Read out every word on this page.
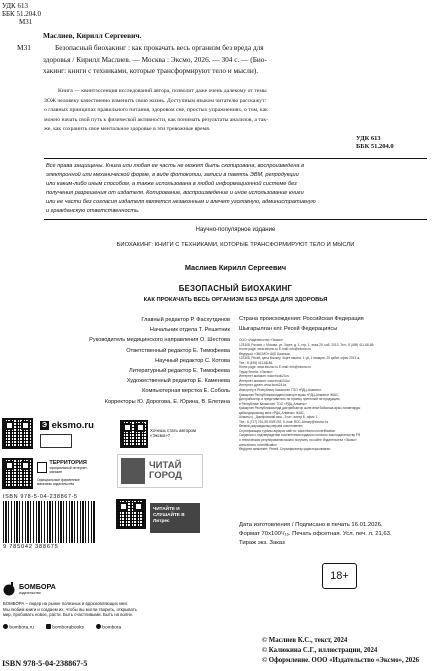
УДК 613
ББК 51.204.0
М31
Маслиев, Кирилл Сергеевич.
М31	Безопасный биохакинг : как прокачать весь организм без вреда для
здоровья / Кирилл Маслиев. — Москва : Эксмо, 2026. — 304 с. — (Био-
хакинг: книги с техниками, которые трансформируют тело и мысли).
Книга — квинтэссенция исследований автора, позволит даже очень далекому от темы
ЗОЖ человеку качественно изменить свою жизнь. Доступным языком читателю расскажут:
о главных принципах правильного питания, здоровом сне, простых упражнениях, о том, как
можно начать свой путь к физической активности, как понимать результаты анализов, а так-
же, как сохранить свое ментальное здоровье в эти тревожные время.
УДК 613
ББК 51.204.0
Все права защищены. Книга или любая ее часть не может быть скопирована, воспроизведена в
электронной или механической форме, в виде фотокопии, записи в память ЭВМ, репродукции
или каким-либо иным способом, а также использована в любой информационной системе без
получения разрешения от издателя. Копирование, воспроизведение и иное использование книги
или ее части без согласия издателя является незаконным и влечет уголовную, административную
и гражданскую ответственность.
Научно-популярное издание
БИОХАКИНГ: КНИГИ С ТЕХНИКАМИ, КОТОРЫЕ ТРАНСФОРМИРУЮТ ТЕЛО И МЫСЛИ
Маслиев Кирилл Сергеевич
БЕЗОПАСНЫЙ БИОХАКИНГ
КАК ПРОКАЧАТЬ ВЕСЬ ОРГАНИЗМ БЕЗ ВРЕДА ДЛЯ ЗДОРОВЬЯ
Главный редактор Р. Фасхутдинов
Начальник отдела Т. Решетник
Руководитель медицинского направления О. Шестова
Ответственный редактор Е. Тимофеева
Научный редактор С. Котова
Литературный редактор Е. Тимофеева
Художественный редактор Е. Каменева
Компьютерная верстка Е. Соболь
Корректоры Ю. Дорогова, Е. Юрина, В. Елетина
Страна происхождения: Российская Федерация
Шығарылған елі: Ресей Федерациясы
ООО «Издательство «Эксмо»
123308, Россия, г. Москва, ул. Зорге, д. 1, стр. 1, этаж 20, каб. 2013. Тел.: 8 (495) 411-68-86.
Home page: www.eksmo.ru E-mail: info@eksmo.ru
Өндіруші: «ЭКСМО» АҚБ Баспасы,
123308, Ресей, қала Мәскеу, Зорге көшесі, 1 үй, 1 ғимарат, 20 қабат, офис 2013 ж.
Тел.: 8 (495) 411-68-86.
Home page: www.eksmo.ru E-mail: info@eksmo.ru
Тауар белгісі: «Эксмо»
Интернет-магазин: www.book24.ru
Интернет-магазин: www.book24.kz
Интернет-дүкен: www.book24.kz
Импортёр в Республику Казахстан ТОО «РДЦ-Алматы».
Қазақстан Республикасындағы импорттаушы «РДЦ-Алматы» ЖШС.
Дистрибьютор и представитель по приему претензий на продукцию,
в Республике Казахстан: ТОО «РДЦ-Алматы»
Қазақстан Республикасында дистрибьютор және өнім бойынша арыз-талаптарды
қабылдаушының өкілі «РДЦ-Алматы» ЖШС,
Алматы қ., Домбровский көш., 3«а», литер Б, офис 1.
Тел.: 8 (727) 251-59-90/91/92; E-mail: RDC-Almaty@eksmo.kz
Өнімнің жарамдылық мерзімі шектелмеген.
Сертификация туралы ақпарат сайтта: www.eksmo.ru/certification
Сведения о подтверждении соответствия издания согласно законодательству РФ
о техническом регулировании можно получить на сайте Издательства «Эксмо»
www.eksmo.ru/certification
Өндірген мемлекет: Ресей. Сертификаттау қарастырылмаған
Э eksmo.ru	Хочешь стать автором «Эксмо»?
ТЕРРИТОРИЯ
официальный интернет-магазин
Официальные фирменные магазины издательства
ЧИТАЙ ГОРОД
ISBN 978-5-04-238867-5
9 785042 388675
ЧИТАЙТЕ И СЛУШАЙТЕ В Литрес
Дата изготовления / Подписано в печать 16.01.2026.
Формат 70x100¹/₁₆. Печать офсетная. Усл. печ. л. 21,63.
Тираж экз. Заказ
18+
БОМБОРА
издательство
БОМБОРА – лидер на рынке полезных и вдохновляющих книг.
Мы любим книги и создаем их, чтобы вы могли творить, открывать
мир, пробовать новое, расти. Быть счастливыми. Быть на волне.
bombora.ru	bomborabooks	bombora
ISBN 978-5-04-238867-5
© Маслиев К.С., текст, 2024
© Калюкина С.Г., иллюстрации, 2024
© Оформление. ООО «Издательство «Эксмо», 2026
